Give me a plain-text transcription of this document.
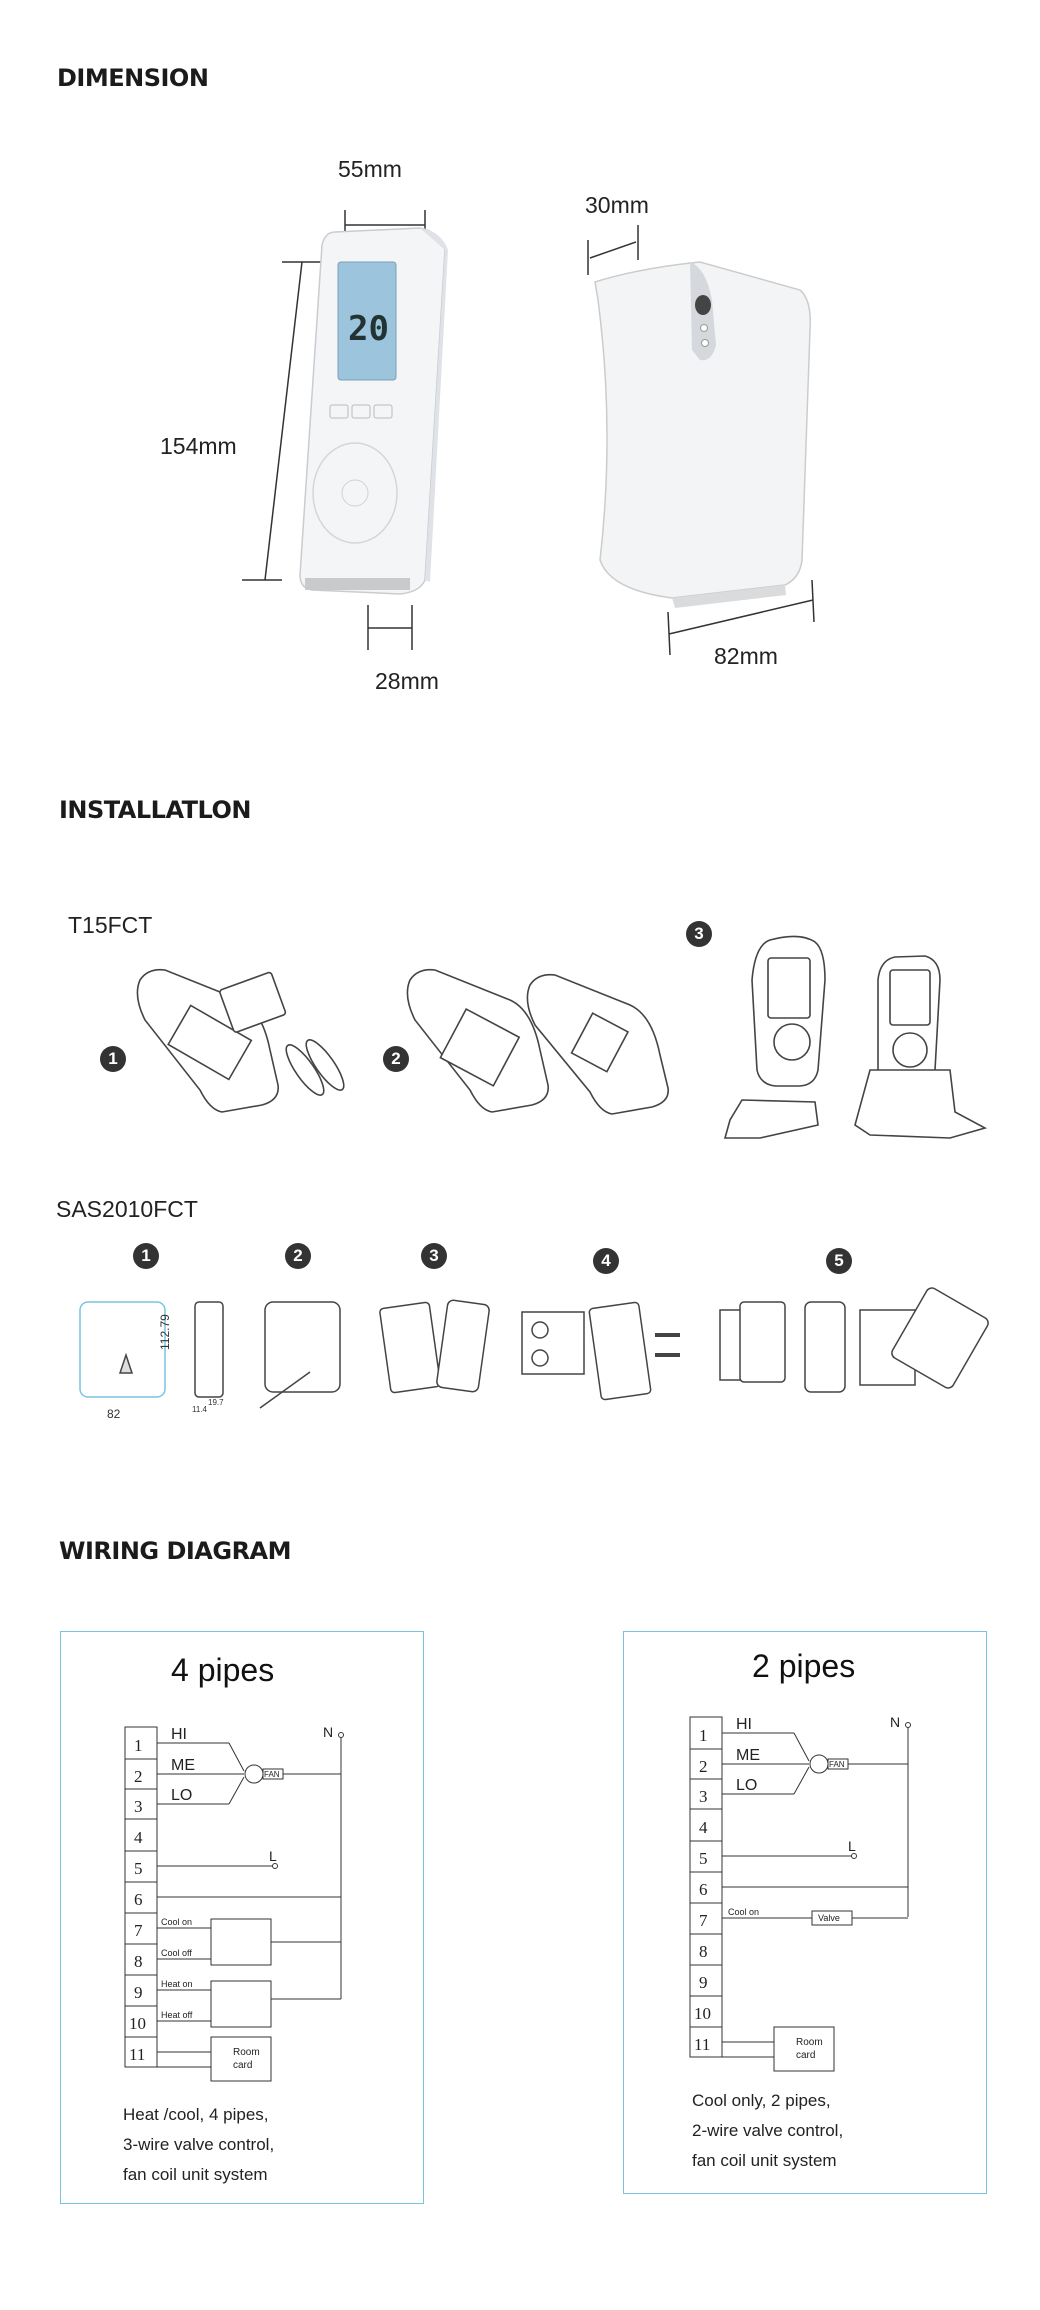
DIMENSION
20
55mm
154mm
28mm
30mm
82mm
INSTALLATLON
T15FCT
1	2
3
SAS2010FCT
1	2	3	4	5
82
112.79
11.4
19.7
WIRING DIAGRAM
4 pipes
1
2
3
4
5
6
7
8
9
10
11
HI
ME
LO
FAN
N
L
Cool on
Cool off
Heat on
Heat off
Room
card
Heat /cool, 4 pipes,
3-wire valve control,
fan coil unit system
2 pipes
1
2
3
4
5
6
7
8
9
10
11
HI
ME
LO
FAN
N
L
Cool on
Valve
Room
card
Cool only, 2 pipes,
2-wire valve control,
fan coil unit system
